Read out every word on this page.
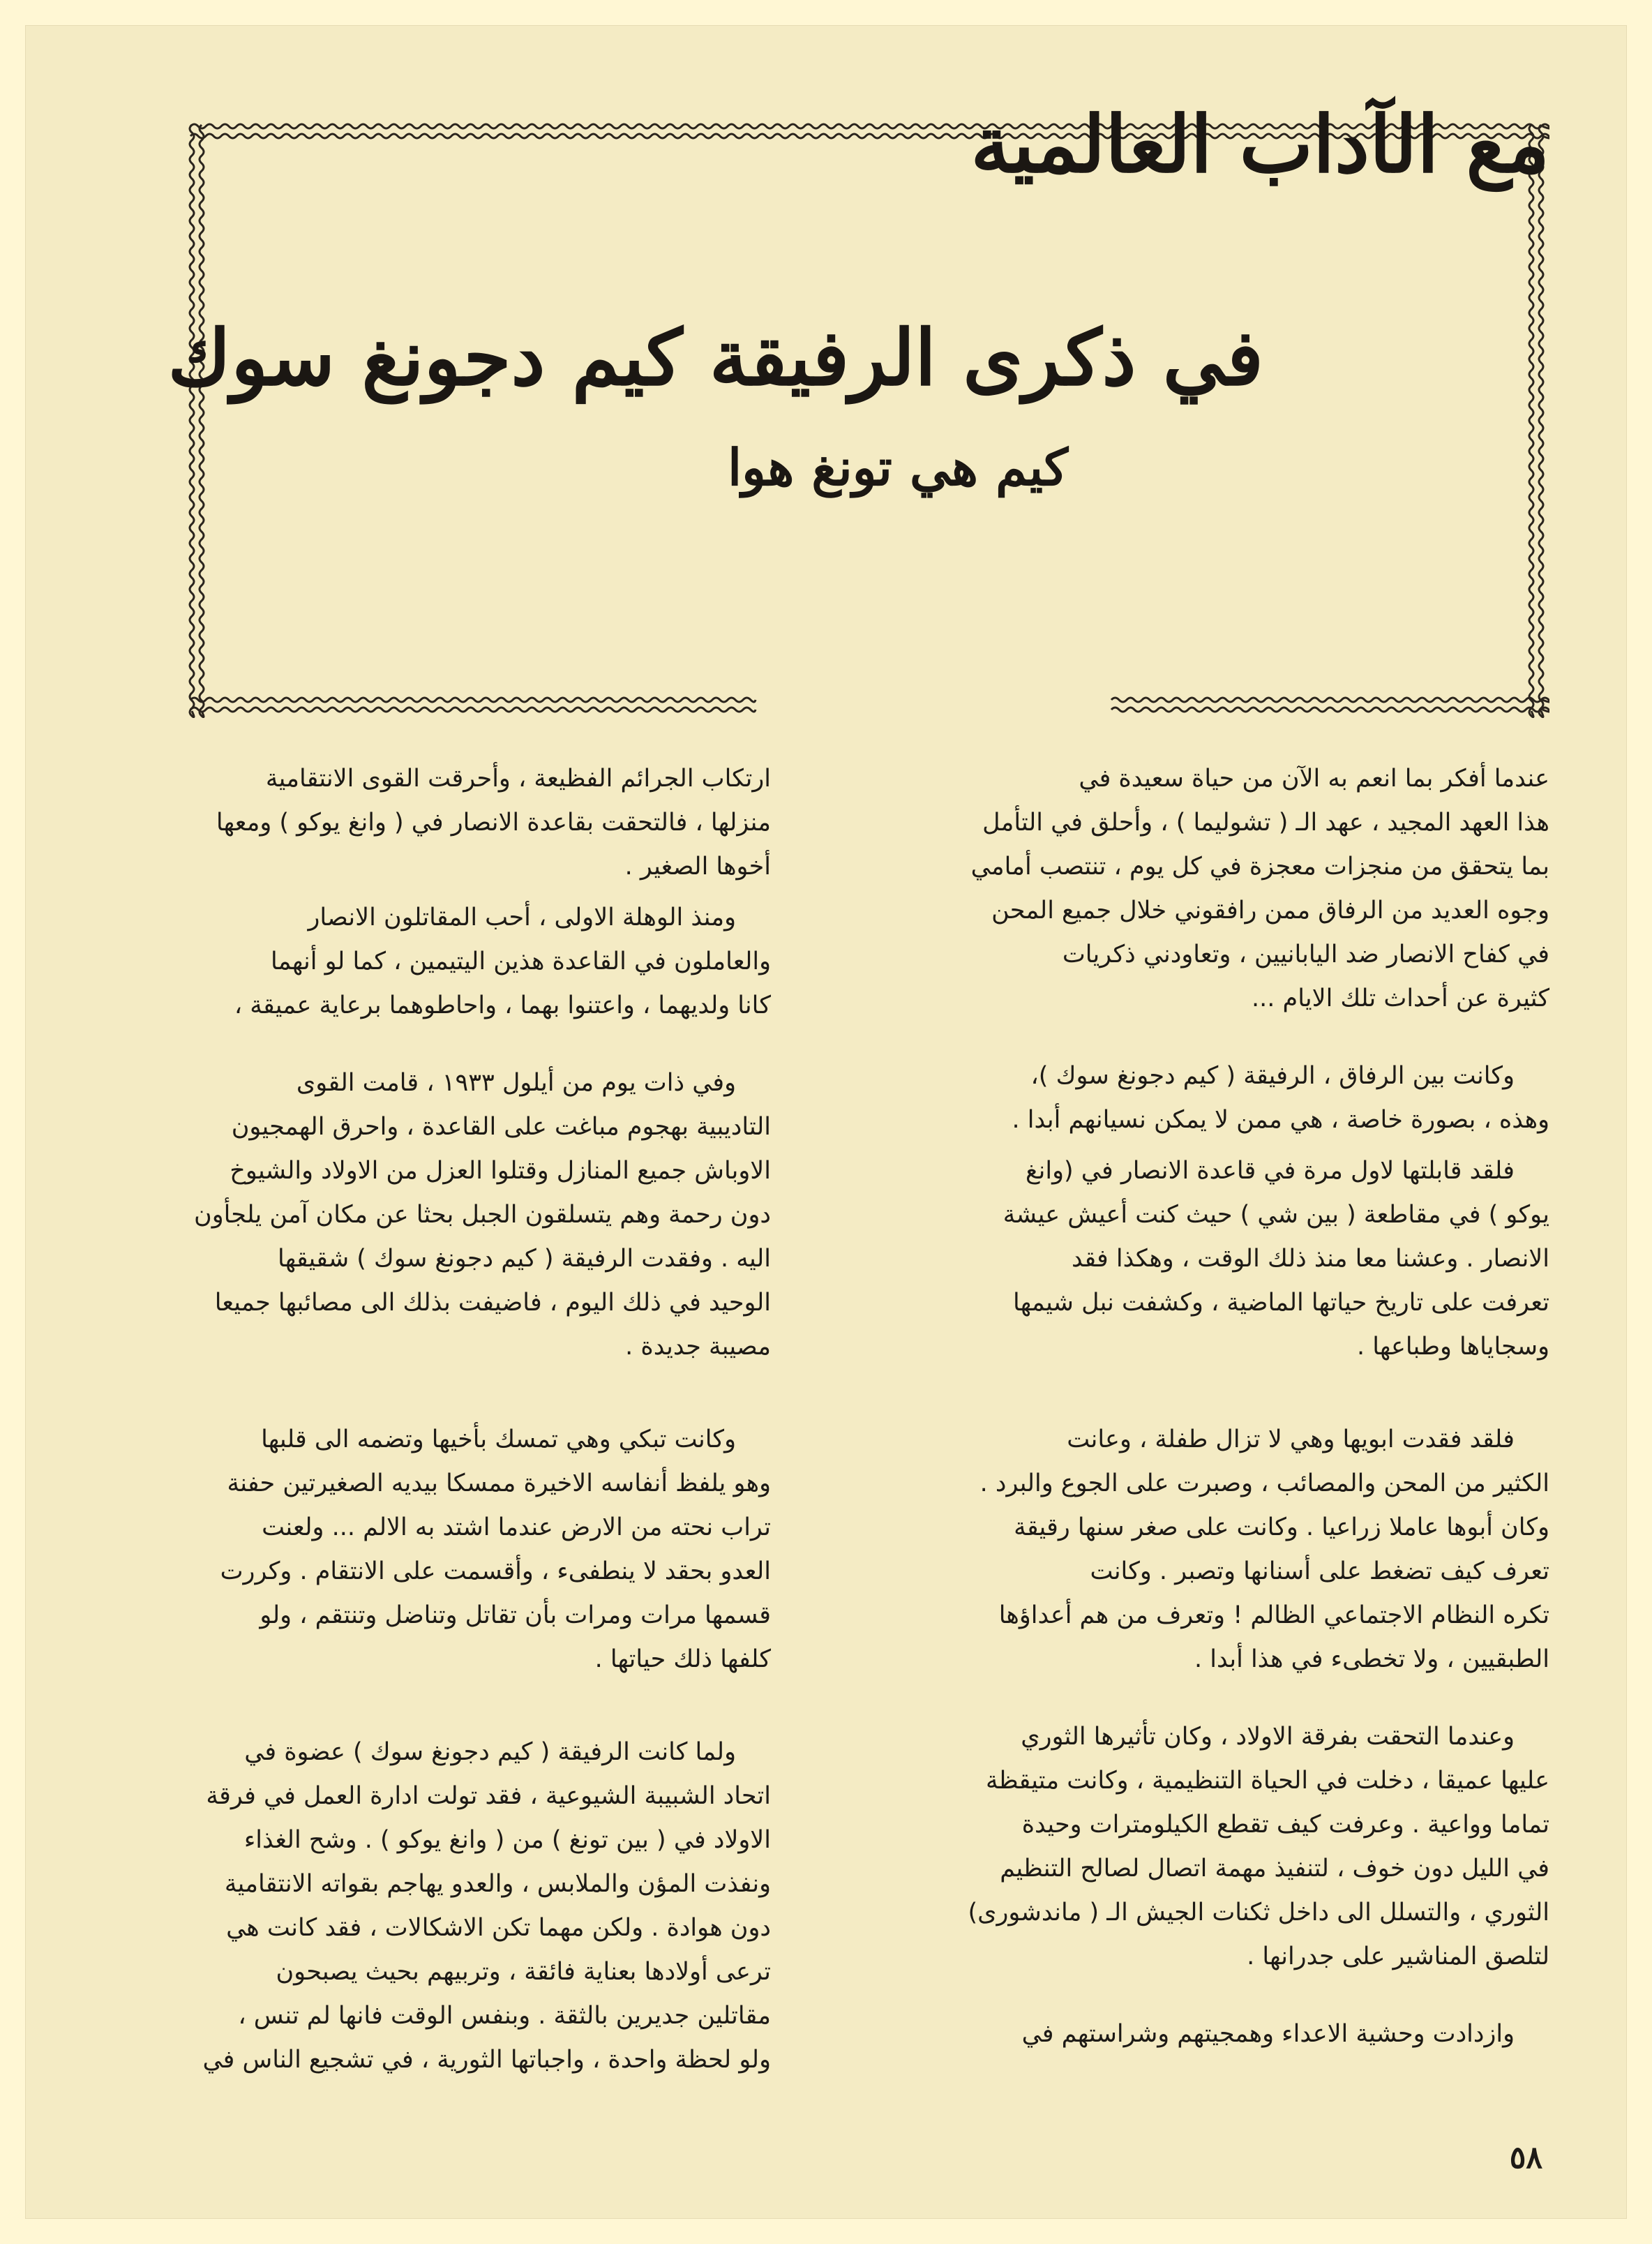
مع الآداب العالمية
في ذكرى الرفيقة كيم دجونغ سوك
كيم هي تونغ هوا

عندما أفكر بما انعم به الآن من حياة سعيدة في
هذا العهد المجيد ، عهد الـ ( تشوليما ) ، وأحلق في التأمل
بما يتحقق من منجزات معجزة في كل يوم ، تنتصب أمامي
وجوه العديد من الرفاق ممن رافقوني خلال جميع المحن
في كفاح الانصار ضد اليابانيين ، وتعاودني ذكريات
كثيرة عن أحداث تلك الايام ...

وكانت بين الرفاق ، الرفيقة ( كيم دجونغ سوك )،
وهذه ، بصورة خاصة ، هي ممن لا يمكن نسيانهم أبدا .

فلقد قابلتها لاول مرة في قاعدة الانصار في (وانغ
يوكو ) في مقاطعة ( بين شي ) حيث كنت أعيش عيشة
الانصار . وعشنا معا منذ ذلك الوقت ، وهكذا فقد
تعرفت على تاريخ حياتها الماضية ، وكشفت نبل شيمها
وسجاياها وطباعها .

فلقد فقدت ابويها وهي لا تزال طفلة ، وعانت
الكثير من المحن والمصائب ، وصبرت على الجوع والبرد .
وكان أبوها عاملا زراعيا . وكانت على صغر سنها رقيقة
تعرف كيف تضغط على أسنانها وتصبر . وكانت
تكره النظام الاجتماعي الظالم ! وتعرف من هم أعداؤها
الطبقيين ، ولا تخطىء في هذا أبدا .

وعندما التحقت بفرقة الاولاد ، وكان تأثيرها الثوري
عليها عميقا ، دخلت في الحياة التنظيمية ، وكانت متيقظة
تماما وواعية . وعرفت كيف تقطع الكيلومترات وحيدة
في الليل دون خوف ، لتنفيذ مهمة اتصال لصالح التنظيم
الثوري ، والتسلل الى داخل ثكنات الجيش الـ ( ماندشورى)
لتلصق المناشير على جدرانها .

وازدادت وحشية الاعداء وهمجيتهم وشراستهم في

ارتكاب الجرائم الفظيعة ، وأحرقت القوى الانتقامية
منزلها ، فالتحقت بقاعدة الانصار في ( وانغ يوكو ) ومعها
أخوها الصغير .

ومنذ الوهلة الاولى ، أحب المقاتلون الانصار
والعاملون في القاعدة هذين اليتيمين ، كما لو أنهما
كانا ولديهما ، واعتنوا بهما ، واحاطوهما برعاية عميقة ،

وفي ذات يوم من أيلول ١٩٣٣ ، قامت القوى
التاديبية بهجوم مباغت على القاعدة ، واحرق الهمجيون
الاوباش جميع المنازل وقتلوا العزل من الاولاد والشيوخ
دون رحمة وهم يتسلقون الجبل بحثا عن مكان آمن يلجأون
اليه . وفقدت الرفيقة ( كيم دجونغ سوك ) شقيقها
الوحيد في ذلك اليوم ، فاضيفت بذلك الى مصائبها جميعا
مصيبة جديدة .

وكانت تبكي وهي تمسك بأخيها وتضمه الى قلبها
وهو يلفظ أنفاسه الاخيرة ممسكا بيديه الصغيرتين حفنة
تراب نحته من الارض عندما اشتد به الالم ... ولعنت
العدو بحقد لا ينطفىء ، وأقسمت على الانتقام . وكررت
قسمها مرات ومرات بأن تقاتل وتناضل وتنتقم ، ولو
كلفها ذلك حياتها .

ولما كانت الرفيقة ( كيم دجونغ سوك ) عضوة في
اتحاد الشبيبة الشيوعية ، فقد تولت ادارة العمل في فرقة
الاولاد في ( بين تونغ ) من ( وانغ يوكو ) . وشح الغذاء
ونفذت المؤن والملابس ، والعدو يهاجم بقواته الانتقامية
دون هوادة . ولكن مهما تكن الاشكالات ، فقد كانت هي
ترعى أولادها بعناية فائقة ، وتربيهم بحيث يصبحون
مقاتلين جديرين بالثقة . وبنفس الوقت فانها لم تنس ،
ولو لحظة واحدة ، واجباتها الثورية ، في تشجيع الناس في

٥٨
